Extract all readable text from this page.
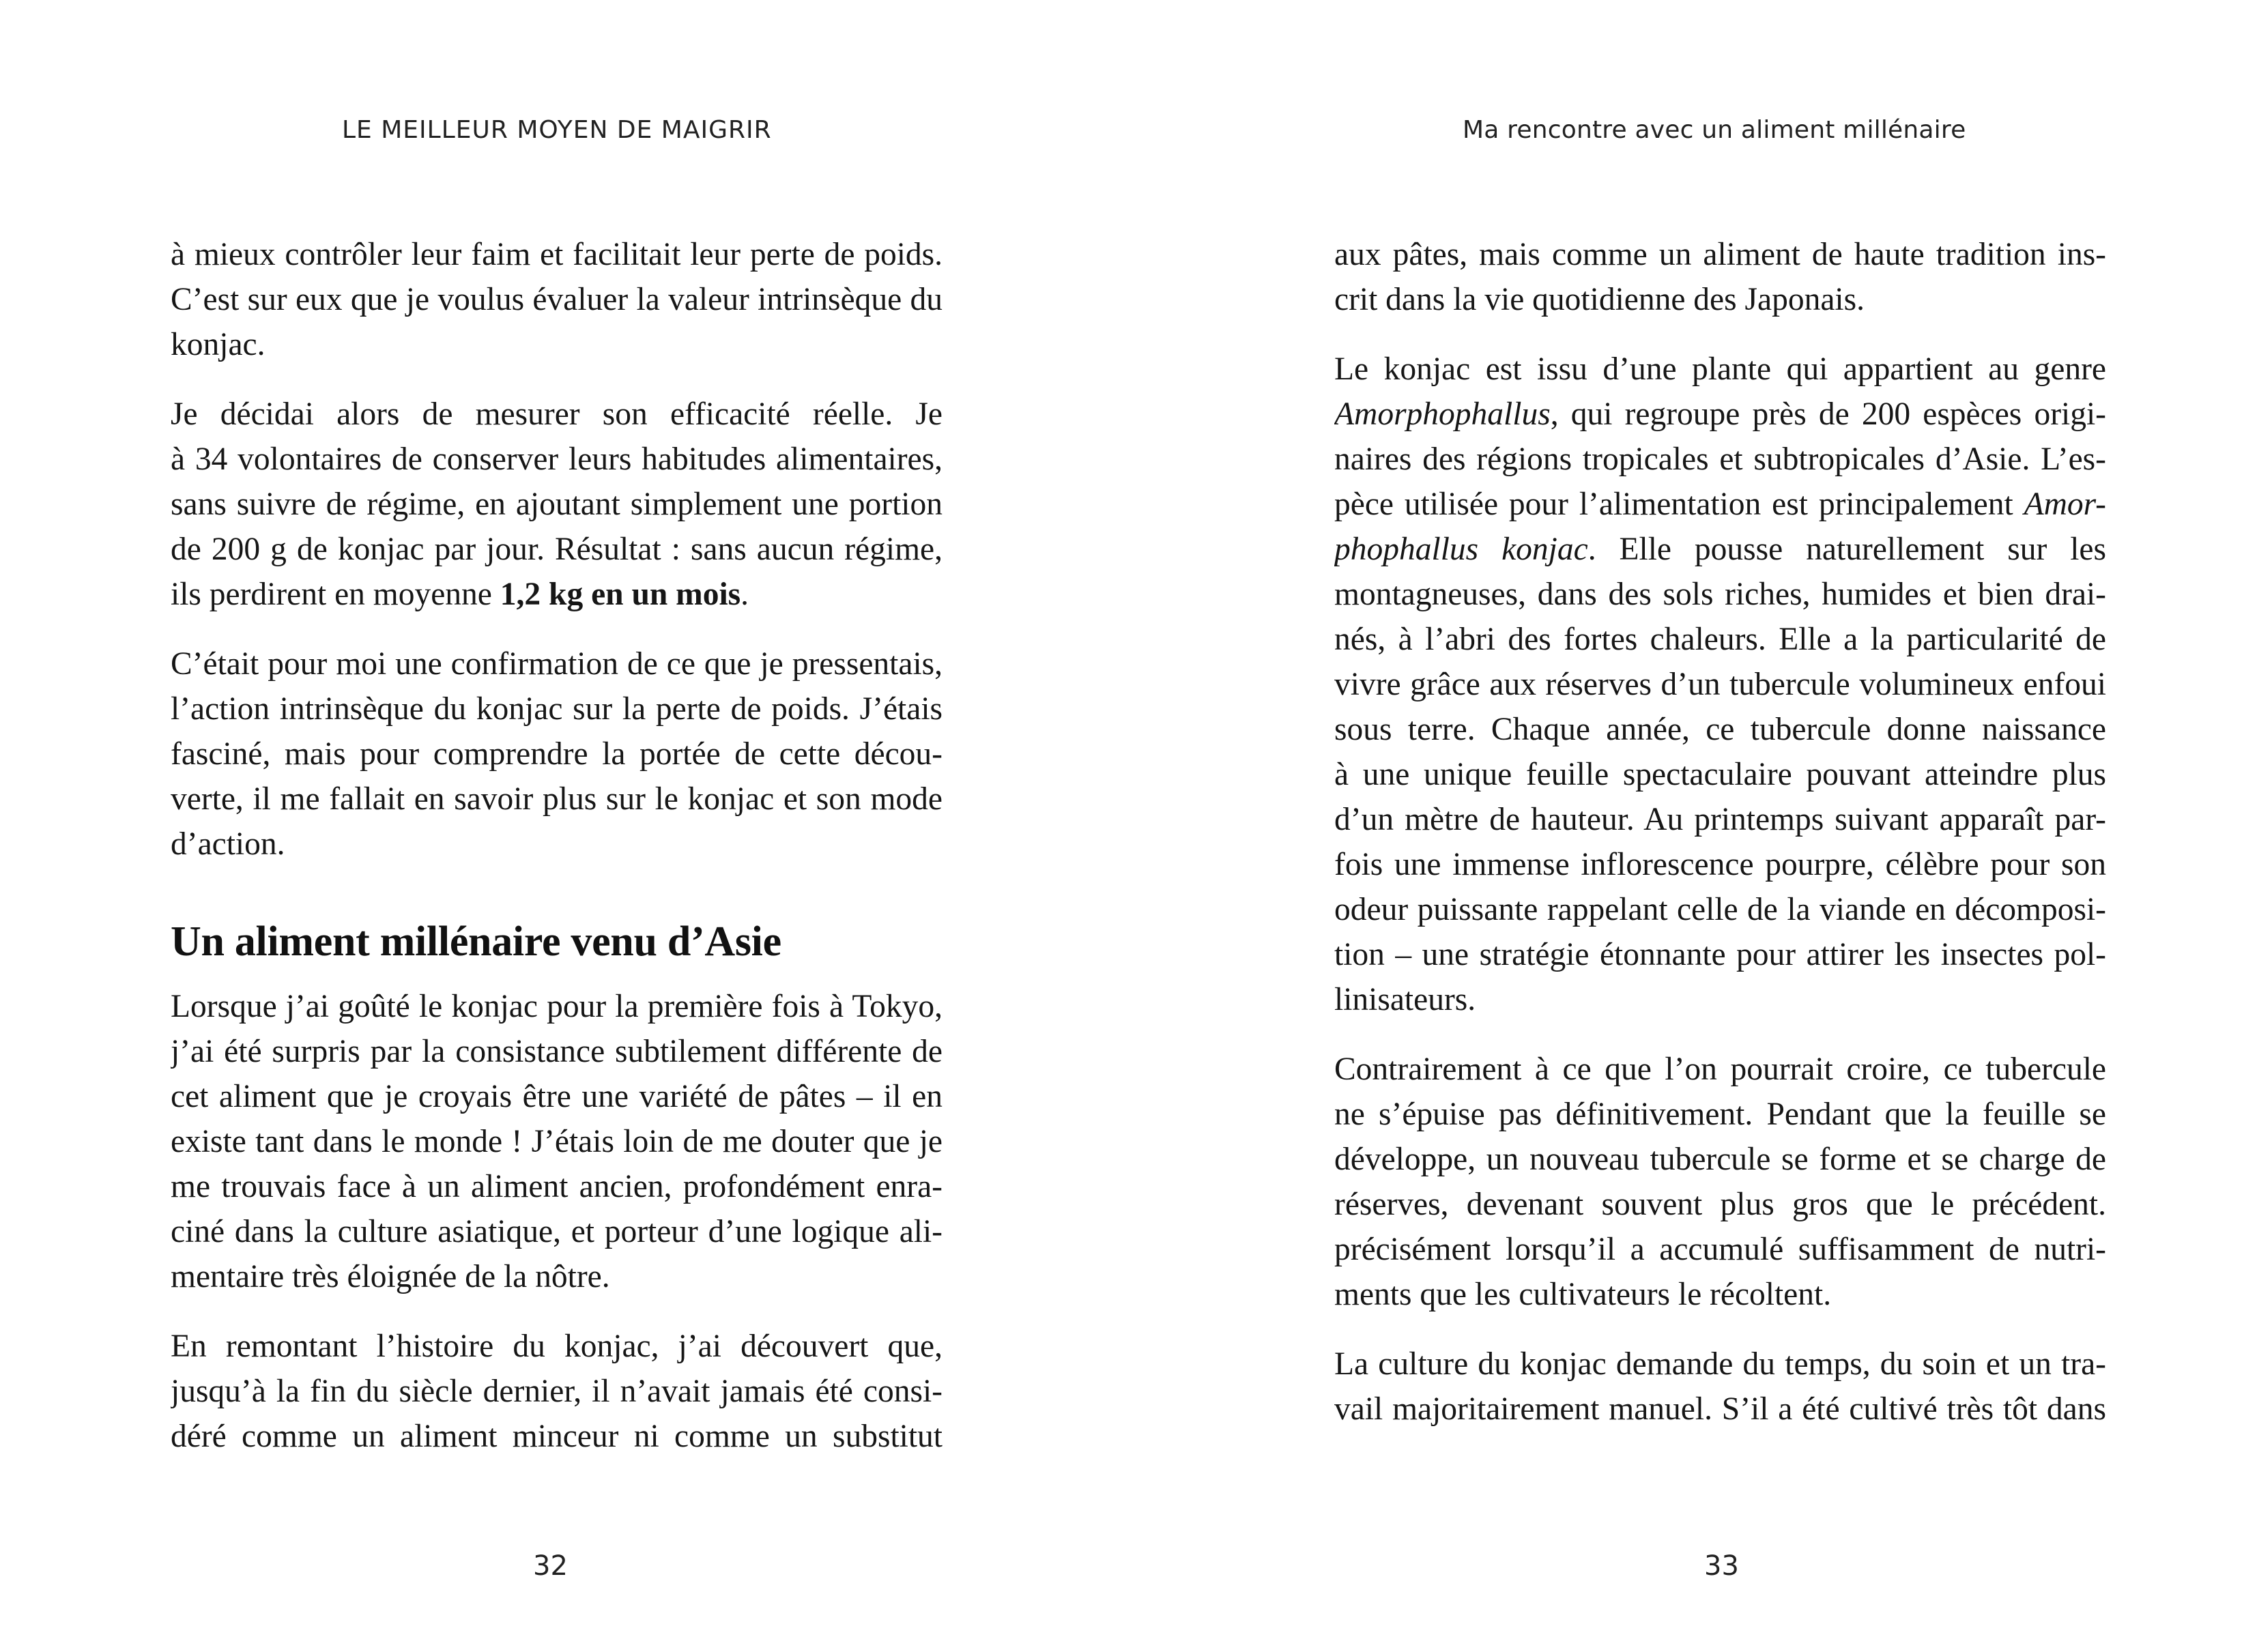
LE MEILLEUR MOYEN DE MAIGRIR
à mieux contrôler leur faim et facilitait leur perte de poids.
C’est sur eux que je voulus évaluer la valeur intrinsèque du
konjac.
Je décidai alors de mesurer son efficacité réelle. Je
à 34 volontaires de conserver leurs habitudes alimentaires,
sans suivre de régime, en ajoutant simplement une portion
de 200 g de konjac par jour. Résultat : sans aucun régime,
ils perdirent en moyenne 1,2 kg en un mois.
C’était pour moi une confirmation de ce que je pressentais,
l’action intrinsèque du konjac sur la perte de poids. J’étais
fasciné, mais pour comprendre la portée de cette décou-
verte, il me fallait en savoir plus sur le konjac et son mode
d’action.
Un aliment millénaire venu d’Asie
Lorsque j’ai goûté le konjac pour la première fois à Tokyo,
j’ai été surpris par la consistance subtilement différente de
cet aliment que je croyais être une variété de pâtes – il en
existe tant dans le monde ! J’étais loin de me douter que je
me trouvais face à un aliment ancien, profondément enra-
ciné dans la culture asiatique, et porteur d’une logique ali-
mentaire très éloignée de la nôtre.
En remontant l’histoire du konjac, j’ai découvert que,
jusqu’à la fin du siècle dernier, il n’avait jamais été consi-
déré comme un aliment minceur ni comme un substitut
32
Ma rencontre avec un aliment millénaire
aux pâtes, mais comme un aliment de haute tradition ins-
crit dans la vie quotidienne des Japonais.
Le konjac est issu d’une plante qui appartient au genre
Amorphophallus, qui regroupe près de 200 espèces origi-
naires des régions tropicales et subtropicales d’Asie. L’es-
pèce utilisée pour l’alimentation est principalement Amor-
phophallus konjac. Elle pousse naturellement sur les
montagneuses, dans des sols riches, humides et bien drai-
nés, à l’abri des fortes chaleurs. Elle a la particularité de
vivre grâce aux réserves d’un tubercule volumineux enfoui
sous terre. Chaque année, ce tubercule donne naissance
à une unique feuille spectaculaire pouvant atteindre plus
d’un mètre de hauteur. Au printemps suivant apparaît par-
fois une immense inflorescence pourpre, célèbre pour son
odeur puissante rappelant celle de la viande en décomposi-
tion – une stratégie étonnante pour attirer les insectes pol-
linisateurs.
Contrairement à ce que l’on pourrait croire, ce tubercule
ne s’épuise pas définitivement. Pendant que la feuille se
développe, un nouveau tubercule se forme et se charge de
réserves, devenant souvent plus gros que le précédent.
précisément lorsqu’il a accumulé suffisamment de nutri-
ments que les cultivateurs le récoltent.
La culture du konjac demande du temps, du soin et un tra-
vail majoritairement manuel. S’il a été cultivé très tôt dans
33
